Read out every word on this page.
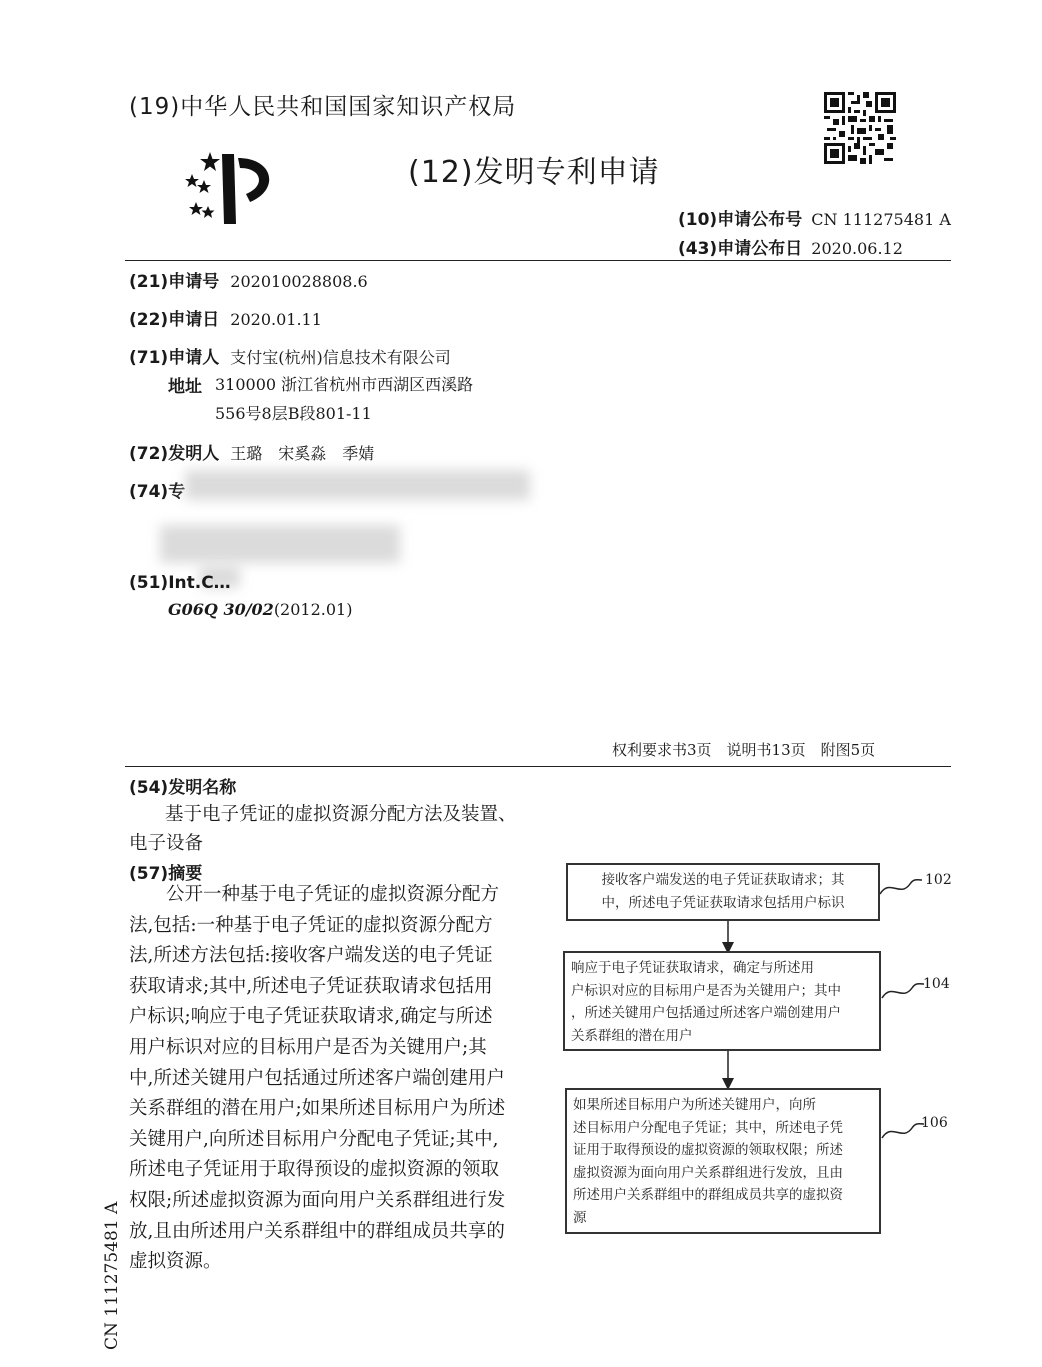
(19)中华人民共和国国家知识产权局
(12)发明专利申请
(10)申请公布号 CN 111275481 A
(43)申请公布日 2020.06.12
(21)申请号 202010028808.6
(22)申请日 2020.01.11
(71)申请人 支付宝(杭州)信息技术有限公司
地址 310000 浙江省杭州市西湖区西溪路
556号8层B段801-11
(72)发明人 王璐　宋奚淼　季婧
(74)专
(51)Int.C…
G06Q 30/02(2012.01)
权利要求书3页　说明书13页　附图5页
(54)发明名称
基于电子凭证的虚拟资源分配方法及装置、
电子设备
(57)摘要
　　公开一种基于电子凭证的虚拟资源分配方
法,包括:一种基于电子凭证的虚拟资源分配方
法,所述方法包括:接收客户端发送的电子凭证
获取请求;其中,所述电子凭证获取请求包括用
户标识;响应于电子凭证获取请求,确定与所述
用户标识对应的目标用户是否为关键用户;其
中,所述关键用户包括通过所述客户端创建用户
关系群组的潜在用户;如果所述目标用户为所述
关键用户,向所述目标用户分配电子凭证;其中,
所述电子凭证用于取得预设的虚拟资源的领取
权限;所述虚拟资源为面向用户关系群组进行发
放,且由所述用户关系群组中的群组成员共享的
虚拟资源。
接收客户端发送的电子凭证获取请求；其
中，所述电子凭证获取请求包括用户标识
102
响应于电子凭证获取请求，确定与所述用
户标识对应的目标用户是否为关键用户；其中
，所述关键用户包括通过所述客户端创建用户
关系群组的潜在用户
104
如果所述目标用户为所述关键用户，向所
述目标用户分配电子凭证；其中，所述电子凭
证用于取得预设的虚拟资源的领取权限；所述
虚拟资源为面向用户关系群组进行发放，且由
所述用户关系群组中的群组成员共享的虚拟资
源
106
CN 111275481 A
